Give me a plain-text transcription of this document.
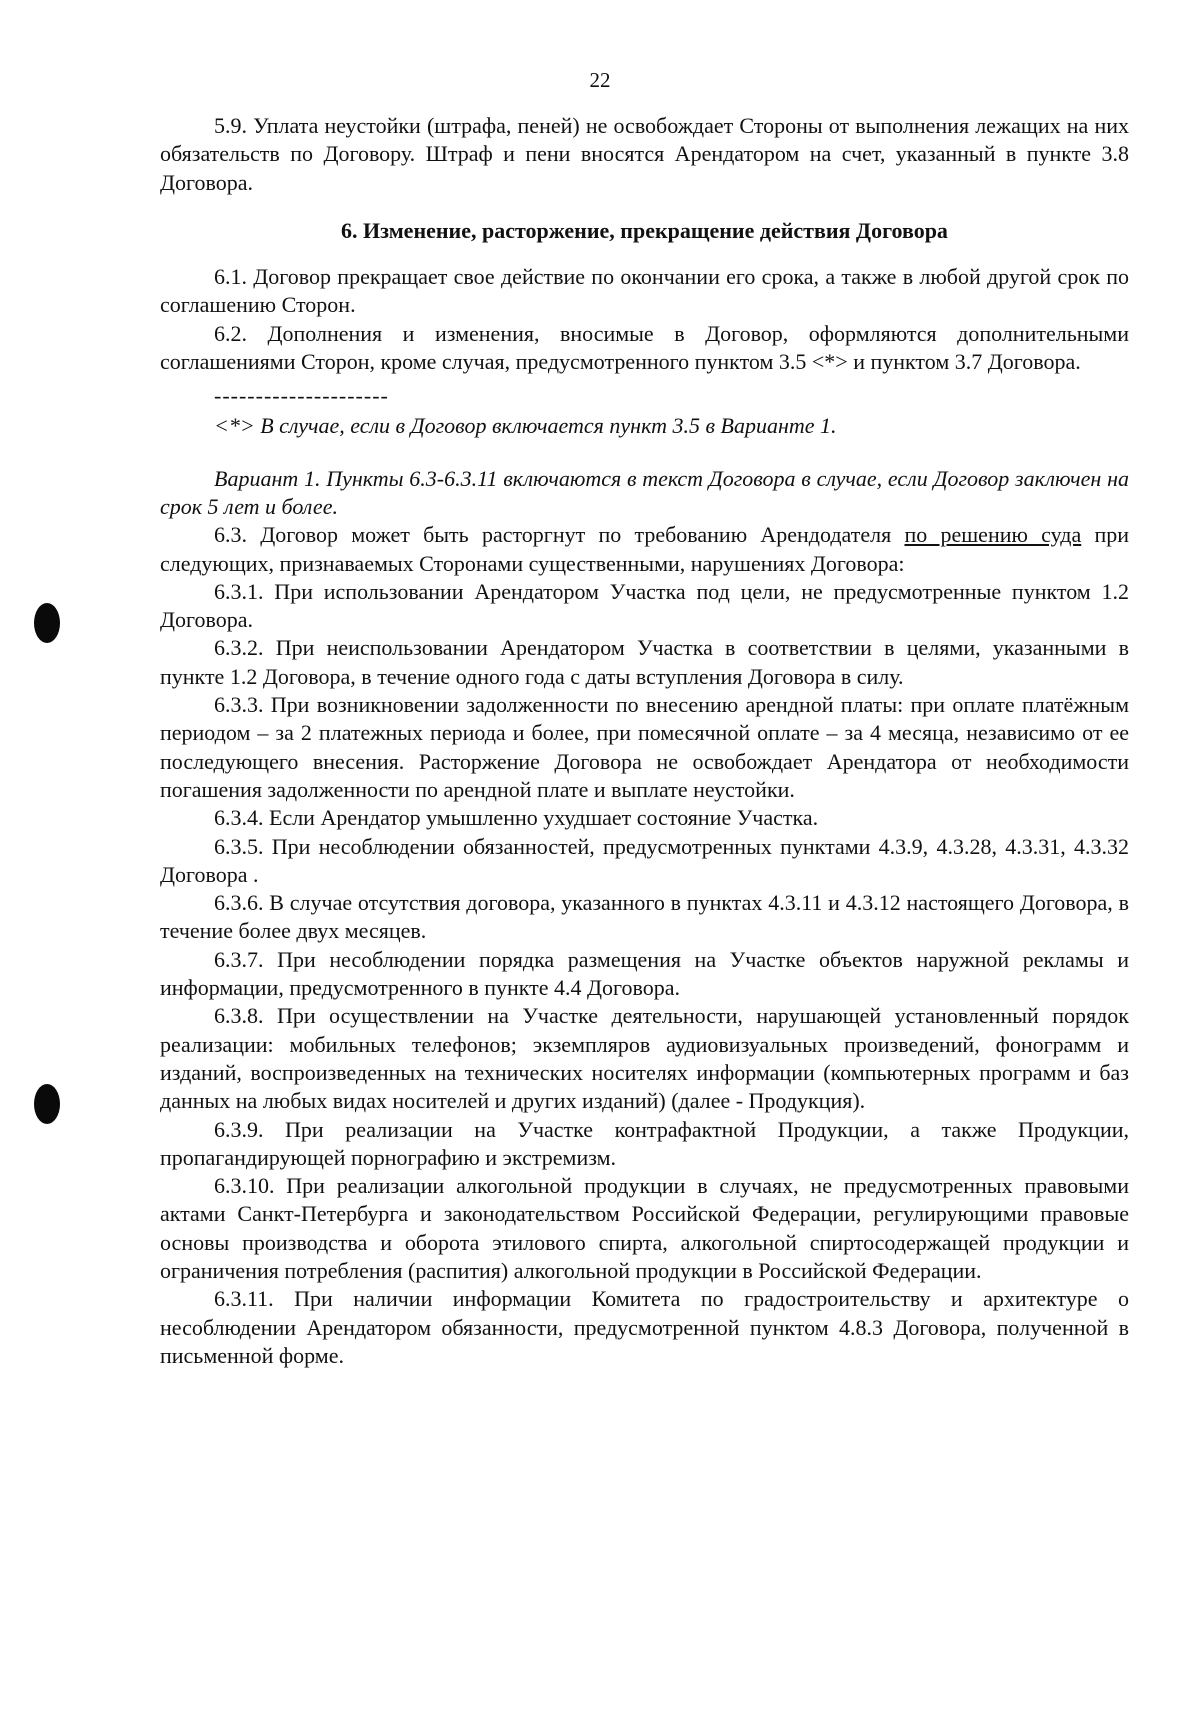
22

5.9. Уплата неустойки (штрафа, пеней) не освобождает Стороны от выполнения лежащих на них обязательств по Договору. Штраф и пени вносятся Арендатором на счет, указанный в пункте 3.8 Договора.

6. Изменение, расторжение, прекращение действия Договора

6.1. Договор прекращает свое действие по окончании его срока, а также в любой другой срок по соглашению Сторон.

6.2. Дополнения и изменения, вносимые в Договор, оформляются дополнительными соглашениями Сторон, кроме случая, предусмотренного пунктом 3.5 <*> и пунктом 3.7 Договора.

---------------------

<*> В случае, если в Договор включается пункт 3.5 в Варианте 1.

Вариант 1. Пункты 6.3-6.3.11 включаются в текст Договора в случае, если Договор заключен на срок 5 лет и более.

6.3. Договор может быть расторгнут по требованию Арендодателя по решению суда при следующих, признаваемых Сторонами существенными, нарушениях Договора:

6.3.1. При использовании Арендатором Участка под цели, не предусмотренные пунктом 1.2 Договора.

6.3.2. При неиспользовании Арендатором Участка в соответствии в целями, указанными в пункте 1.2 Договора, в течение одного года с даты вступления Договора в силу.

6.3.3. При возникновении задолженности по внесению арендной платы: при оплате платёжным периодом – за 2 платежных периода и более, при помесячной оплате – за 4 месяца, независимо от ее последующего внесения. Расторжение Договора не освобождает Арендатора от необходимости погашения задолженности по арендной плате и выплате неустойки.

6.3.4. Если Арендатор умышленно ухудшает состояние Участка.

6.3.5. При несоблюдении обязанностей, предусмотренных пунктами 4.3.9, 4.3.28, 4.3.31, 4.3.32 Договора .

6.3.6. В случае отсутствия договора, указанного в пунктах 4.3.11 и 4.3.12 настоящего Договора, в течение более двух месяцев.

6.3.7. При несоблюдении порядка размещения на Участке объектов наружной рекламы и информации, предусмотренного в пункте 4.4 Договора.

6.3.8. При осуществлении на Участке деятельности, нарушающей установленный порядок реализации: мобильных телефонов; экземпляров аудиовизуальных произведений, фонограмм и изданий, воспроизведенных на технических носителях информации (компьютерных программ и баз данных на любых видах носителей и других изданий) (далее - Продукция).

6.3.9. При реализации на Участке контрафактной Продукции, а также Продукции, пропагандирующей порнографию и экстремизм.

6.3.10. При реализации алкогольной продукции в случаях, не предусмотренных правовыми актами Санкт-Петербурга и законодательством Российской Федерации, регулирующими правовые основы производства и оборота этилового спирта, алкогольной спиртосодержащей продукции и ограничения потребления (распития) алкогольной продукции в Российской Федерации.

6.3.11. При наличии информации Комитета по градостроительству и архитектуре о несоблюдении Арендатором обязанности, предусмотренной пунктом 4.8.3 Договора, полученной в письменной форме.
